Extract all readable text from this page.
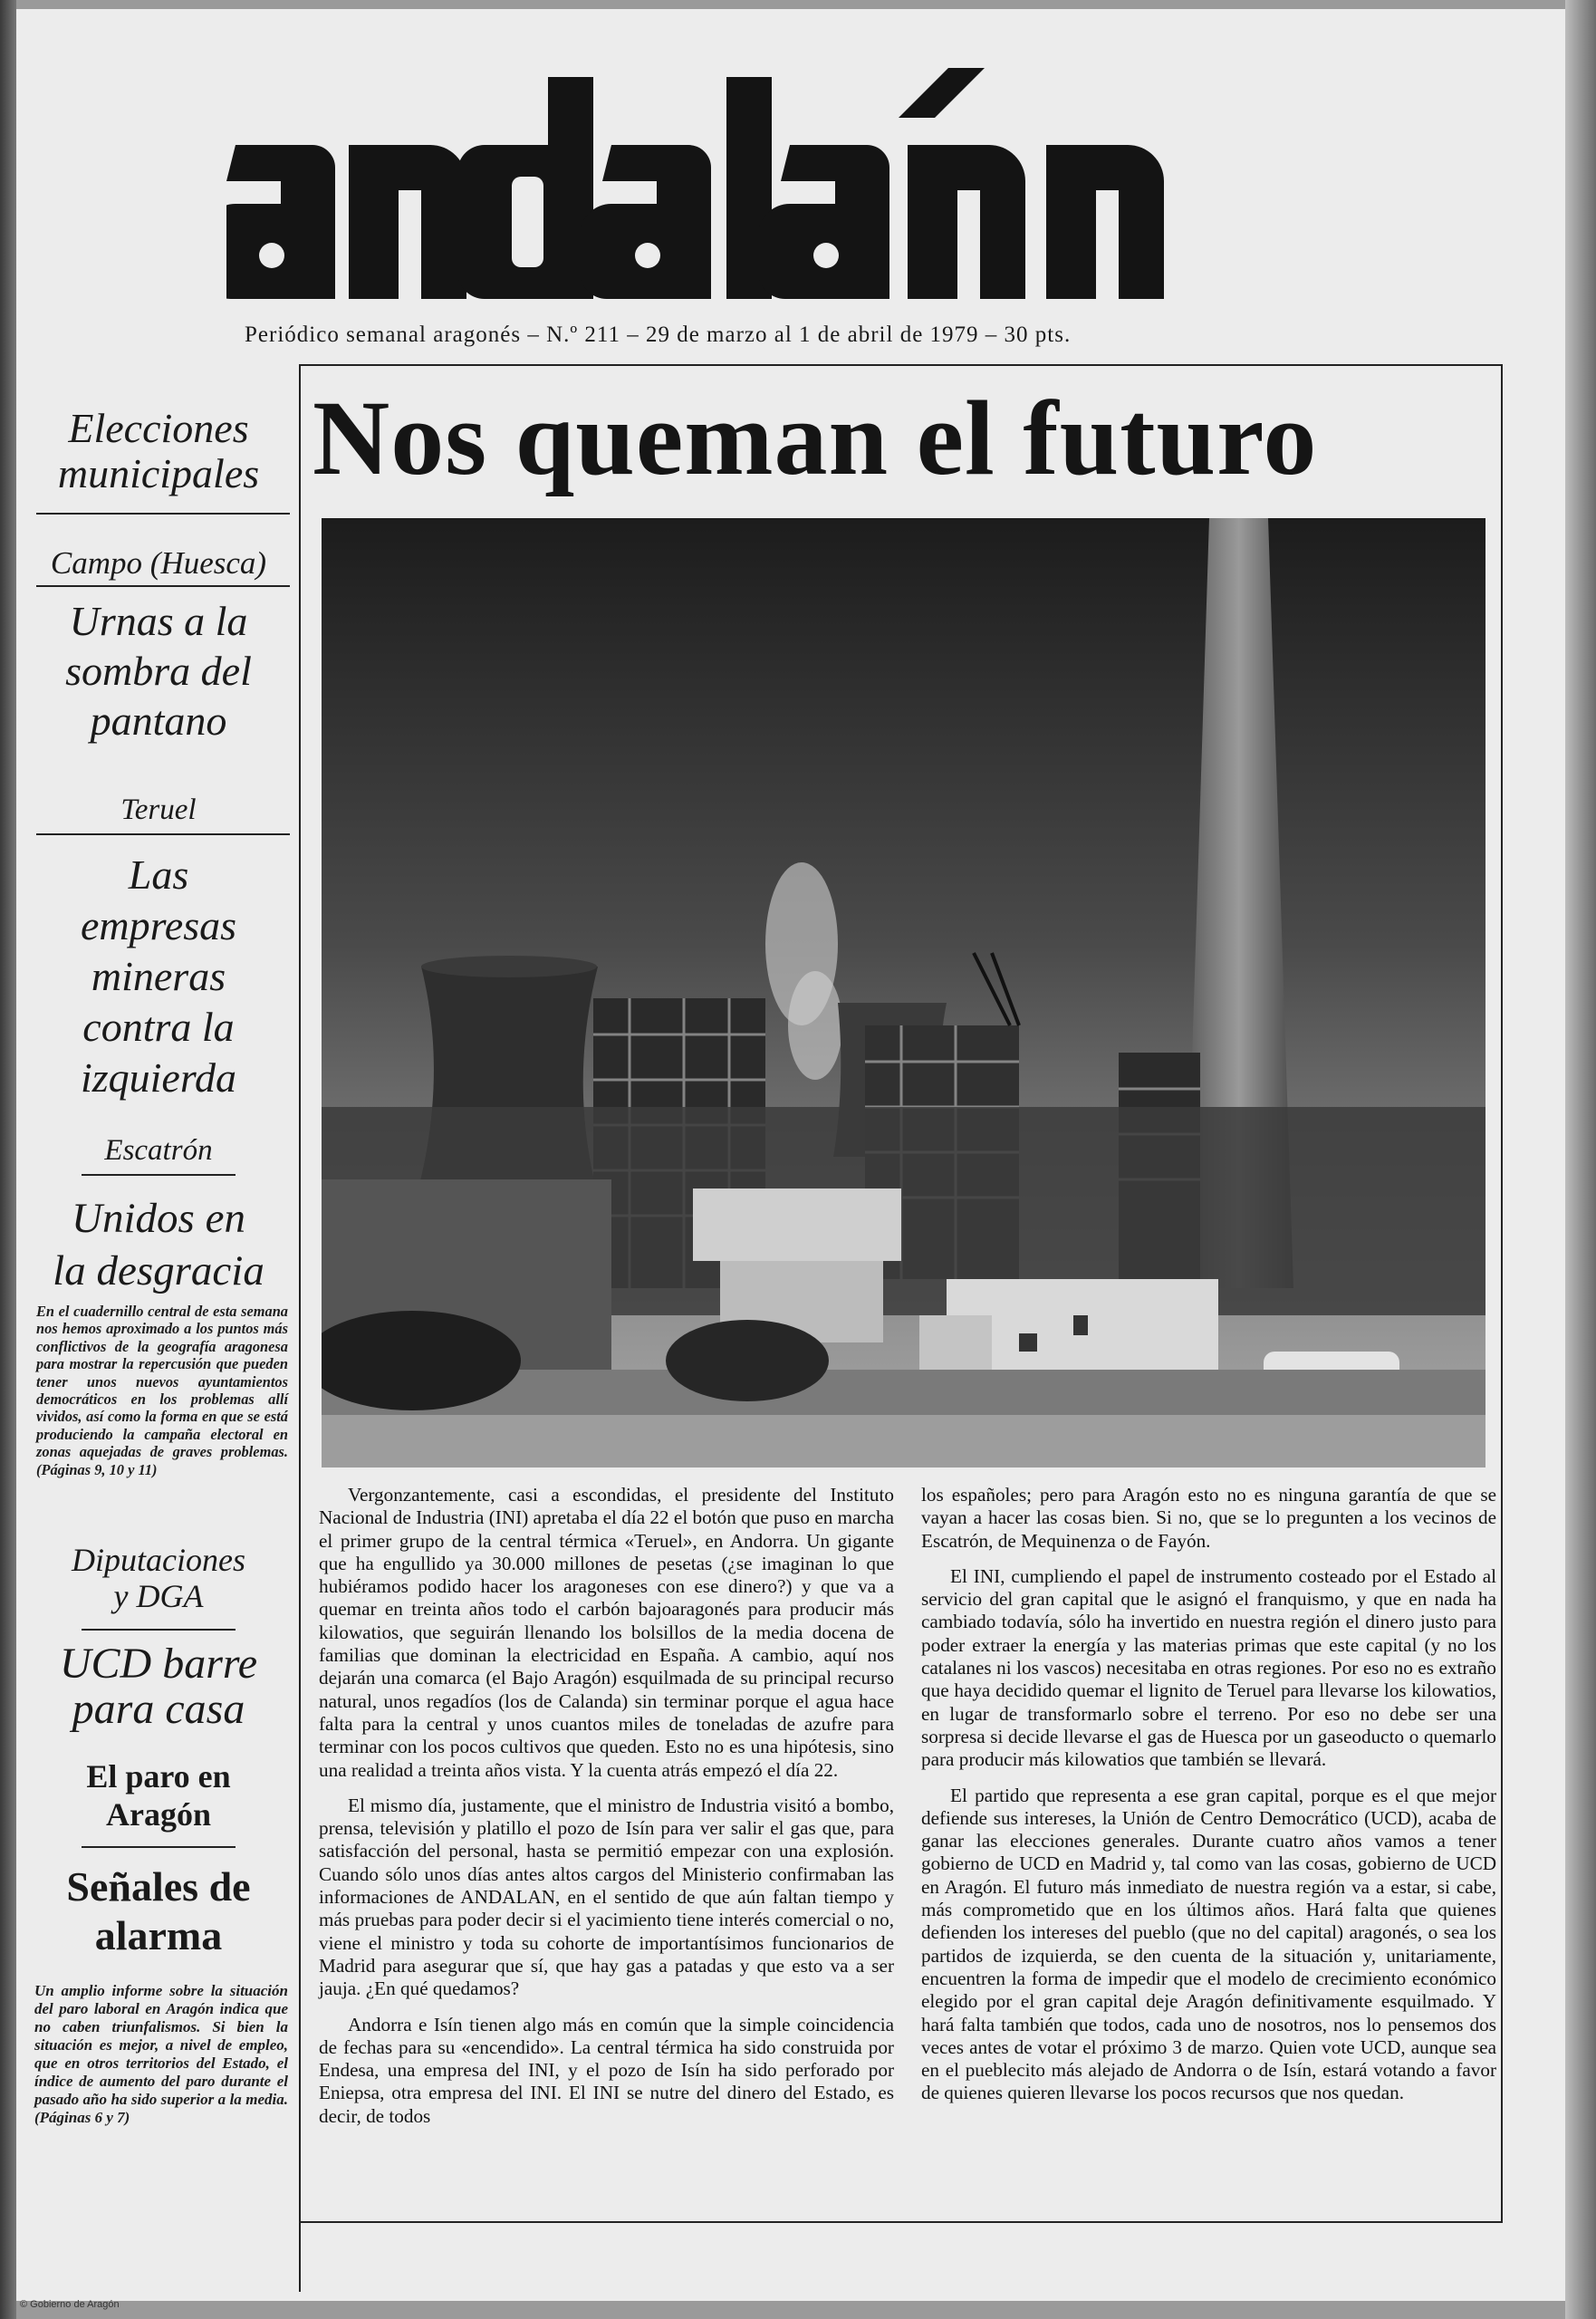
Periódico semanal aragonés – N.º 211 – 29 de marzo al 1 de abril de 1979 – 30 pts.
Elecciones
municipales
Campo (Huesca)
Urnas a la
sombra del
pantano
Teruel
Las
empresas
mineras
contra la
izquierda
Escatrón
Unidos en
la desgracia
En el cuadernillo central de esta semana nos hemos aproximado a los puntos más conflictivos de la geografía aragonesa para mostrar la repercusión que pueden tener unos nuevos ayuntamientos democráticos en los problemas allí vividos, así como la forma en que se está produciendo la campaña electoral en zonas aquejadas de graves problemas. (Páginas 9, 10 y 11)
Diputaciones
y DGA
UCD barre
para casa
El paro en
Aragón
Señales de
alarma
Un amplio informe sobre la situación del paro laboral en Aragón indica que no caben triunfalismos. Si bien la situación es mejor, a nivel de empleo, que en otros territorios del Estado, el índice de aumento del paro durante el pasado año ha sido superior a la media. (Páginas 6 y 7)
Nos queman el futuro

Vergonzantemente, casi a escondidas, el presidente del Instituto Nacional de Industria (INI) apretaba el día 22 el botón que puso en marcha el primer grupo de la central térmica «Teruel», en Andorra. Un gigante que ha engullido ya 30.000 millones de pesetas (¿se imaginan lo que hubiéramos podido hacer los aragoneses con ese dinero?) y que va a quemar en treinta años todo el carbón bajoaragonés para producir más kilowatios, que seguirán llenando los bolsillos de la media docena de familias que dominan la electricidad en España. A cambio, aquí nos dejarán una comarca (el Bajo Aragón) esquilmada de su principal recurso natural, unos regadíos (los de Calanda) sin terminar porque el agua hace falta para la central y unos cuantos miles de toneladas de azufre para terminar con los pocos cultivos que queden. Esto no es una hipótesis, sino una realidad a treinta años vista. Y la cuenta atrás empezó el día 22.

El mismo día, justamente, que el ministro de Industria visitó a bombo, prensa, televisión y platillo el pozo de Isín para ver salir el gas que, para satisfacción del personal, hasta se permitió empezar con una explosión. Cuando sólo unos días antes altos cargos del Ministerio confirmaban las informaciones de ANDALAN, en el sentido de que aún faltan tiempo y más pruebas para poder decir si el yacimiento tiene interés comercial o no, viene el ministro y toda su cohorte de importantísimos funcionarios de Madrid para asegurar que sí, que hay gas a patadas y que esto va a ser jauja. ¿En qué quedamos?

Andorra e Isín tienen algo más en común que la simple coincidencia de fechas para su «encendido». La central térmica ha sido construida por Endesa, una empresa del INI, y el pozo de Isín ha sido perforado por Eniepsa, otra empresa del INI. El INI se nutre del dinero del Estado, es decir, de todos

los españoles; pero para Aragón esto no es ninguna garantía de que se vayan a hacer las cosas bien. Si no, que se lo pregunten a los vecinos de Escatrón, de Mequinenza o de Fayón.

El INI, cumpliendo el papel de instrumento costeado por el Estado al servicio del gran capital que le asignó el franquismo, y que en nada ha cambiado todavía, sólo ha invertido en nuestra región el dinero justo para poder extraer la energía y las materias primas que este capital (y no los catalanes ni los vascos) necesitaba en otras regiones. Por eso no es extraño que haya decidido quemar el lignito de Teruel para llevarse los kilowatios, en lugar de transformarlo sobre el terreno. Por eso no debe ser una sorpresa si decide llevarse el gas de Huesca por un gaseoducto o quemarlo para producir más kilowatios que también se llevará.

El partido que representa a ese gran capital, porque es el que mejor defiende sus intereses, la Unión de Centro Democrático (UCD), acaba de ganar las elecciones generales. Durante cuatro años vamos a tener gobierno de UCD en Madrid y, tal como van las cosas, gobierno de UCD en Aragón. El futuro más inmediato de nuestra región va a estar, si cabe, más comprometido que en los últimos años. Hará falta que quienes defienden los intereses del pueblo (que no del capital) aragonés, o sea los partidos de izquierda, se den cuenta de la situación y, unitariamente, encuentren la forma de impedir que el modelo de crecimiento económico elegido por el gran capital deje Aragón definitivamente esquilmado. Y hará falta también que todos, cada uno de nosotros, nos lo pensemos dos veces antes de votar el próximo 3 de marzo. Quien vote UCD, aunque sea en el pueblecito más alejado de Andorra o de Isín, estará votando a favor de quienes quieren llevarse los pocos recursos que nos quedan.

© Gobierno de Aragón
